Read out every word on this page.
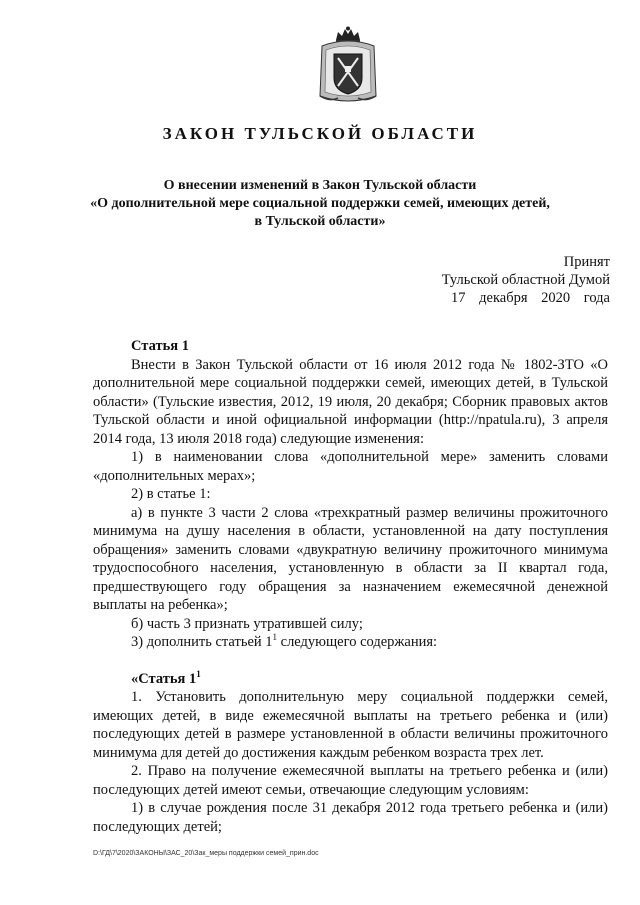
ЗАКОН ТУЛЬСКОЙ ОБЛАСТИ
О внесении изменений в Закон Тульской области
«О дополнительной мере социальной поддержки семей, имеющих детей,
в Тульской области»
Принят
Тульской областной Думой
17 декабря 2020 года
Статья 1

Внести в Закон Тульской области от 16 июля 2012 года № 1802-ЗТО «О дополнительной мере социальной поддержки семей, имеющих детей, в Тульской области» (Тульские известия, 2012, 19 июля, 20 декабря; Сборник правовых актов Тульской области и иной официальной информации (http://npatula.ru), 3 апреля 2014 года, 13 июля 2018 года) следующие изменения:

1) в наименовании слова «дополнительной мере» заменить словами «дополнительных мерах»;

2) в статье 1:

а) в пункте 3 части 2 слова «трехкратный размер величины прожиточного минимума на душу населения в области, установленной на дату поступления обращения» заменить словами «двукратную величину прожиточного минимума трудоспособного населения, установленную в области за II квартал года, предшествующего году обращения за назначением ежемесячной денежной выплаты на ребенка»;

б) часть 3 признать утратившей силу;

3) дополнить статьей $1^1$ следующего содержания:

«Статья $1^1$

1. Установить дополнительную меру социальной поддержки семей, имеющих детей, в виде ежемесячной выплаты на третьего ребенка и (или) последующих детей в размере установленной в области величины прожиточного минимума для детей до достижения каждым ребенком возраста трех лет.

2. Право на получение ежемесячной выплаты на третьего ребенка и (или) последующих детей имеют семьи, отвечающие следующим условиям:

1) в случае рождения после 31 декабря 2012 года третьего ребенка и (или) последующих детей;

D:\ГД\7\2020\ЗАКОНЫ\ЗАС_20\Зак_меры поддержки семей_прин.doc
